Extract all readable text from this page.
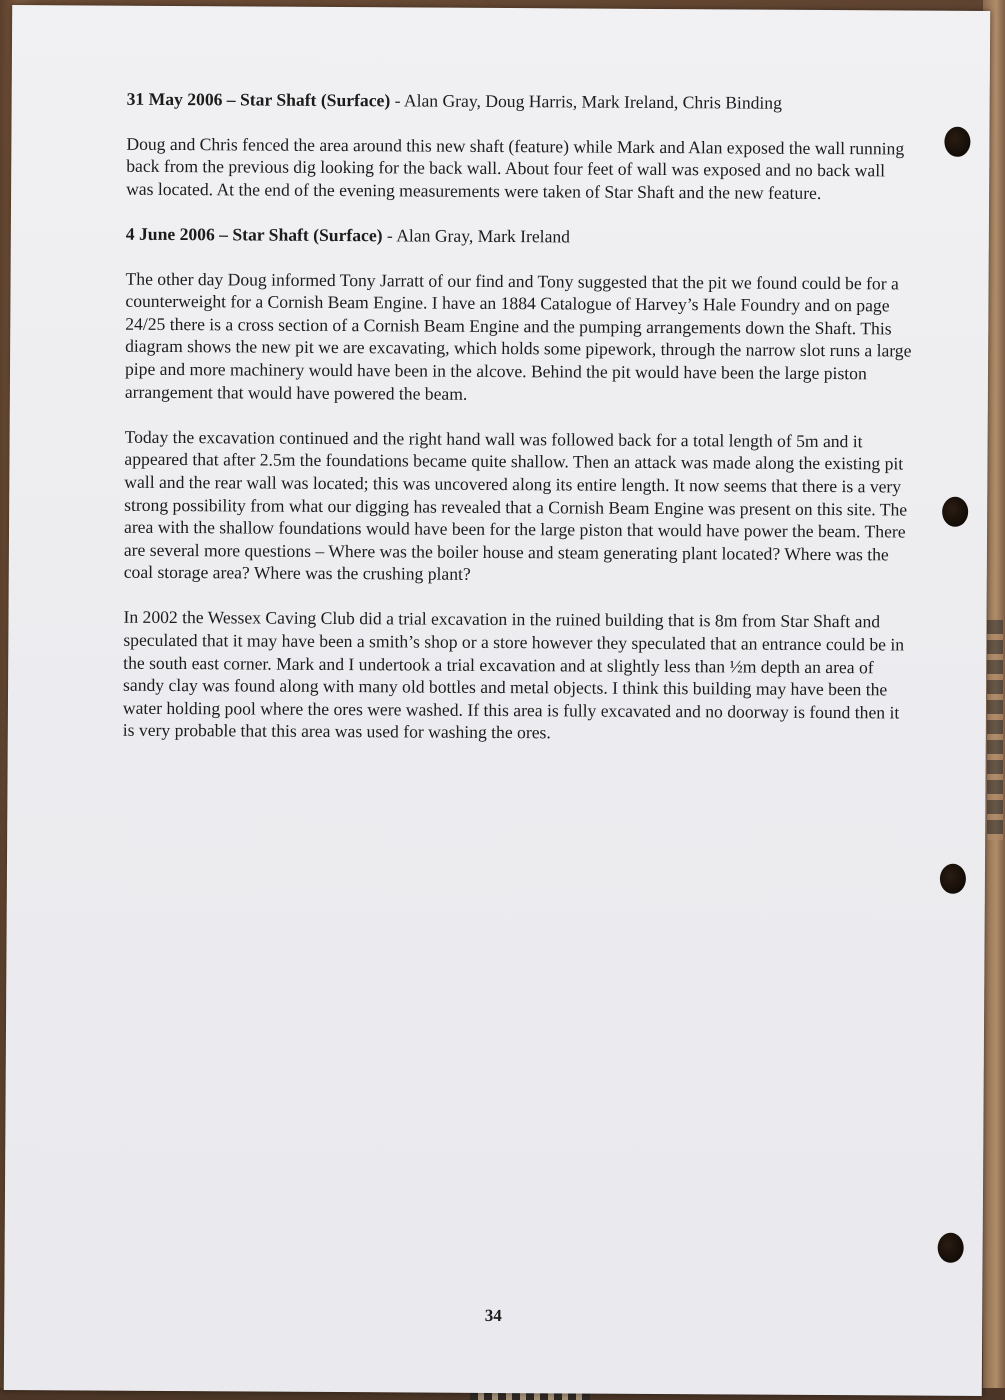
31 May 2006 – Star Shaft (Surface) - Alan Gray, Doug Harris, Mark Ireland, Chris Binding

Doug and Chris fenced the area around this new shaft (feature) while Mark and Alan exposed the wall running back from the previous dig looking for the back wall. About four feet of wall was exposed and no back wall was located. At the end of the evening measurements were taken of Star Shaft and the new feature.

4 June 2006 – Star Shaft (Surface) - Alan Gray, Mark Ireland

The other day Doug informed Tony Jarratt of our find and Tony suggested that the pit we found could be for a counterweight for a Cornish Beam Engine. I have an 1884 Catalogue of Harvey’s Hale Foundry and on page 24/25 there is a cross section of a Cornish Beam Engine and the pumping arrangements down the Shaft. This diagram shows the new pit we are excavating, which holds some pipework, through the narrow slot runs a large pipe and more machinery would have been in the alcove. Behind the pit would have been the large piston arrangement that would have powered the beam.

Today the excavation continued and the right hand wall was followed back for a total length of 5m and it appeared that after 2.5m the foundations became quite shallow. Then an attack was made along the existing pit wall and the rear wall was located; this was uncovered along its entire length. It now seems that there is a very strong possibility from what our digging has revealed that a Cornish Beam Engine was present on this site. The area with the shallow foundations would have been for the large piston that would have power the beam. There are several more questions – Where was the boiler house and steam generating plant located? Where was the coal storage area? Where was the crushing plant?

In 2002 the Wessex Caving Club did a trial excavation in the ruined building that is 8m from Star Shaft and speculated that it may have been a smith’s shop or a store however they speculated that an entrance could be in the south east corner. Mark and I undertook a trial excavation and at slightly less than ½m depth an area of sandy clay was found along with many old bottles and metal objects. I think this building may have been the water holding pool where the ores were washed. If this area is fully excavated and no doorway is found then it is very probable that this area was used for washing the ores.

34
